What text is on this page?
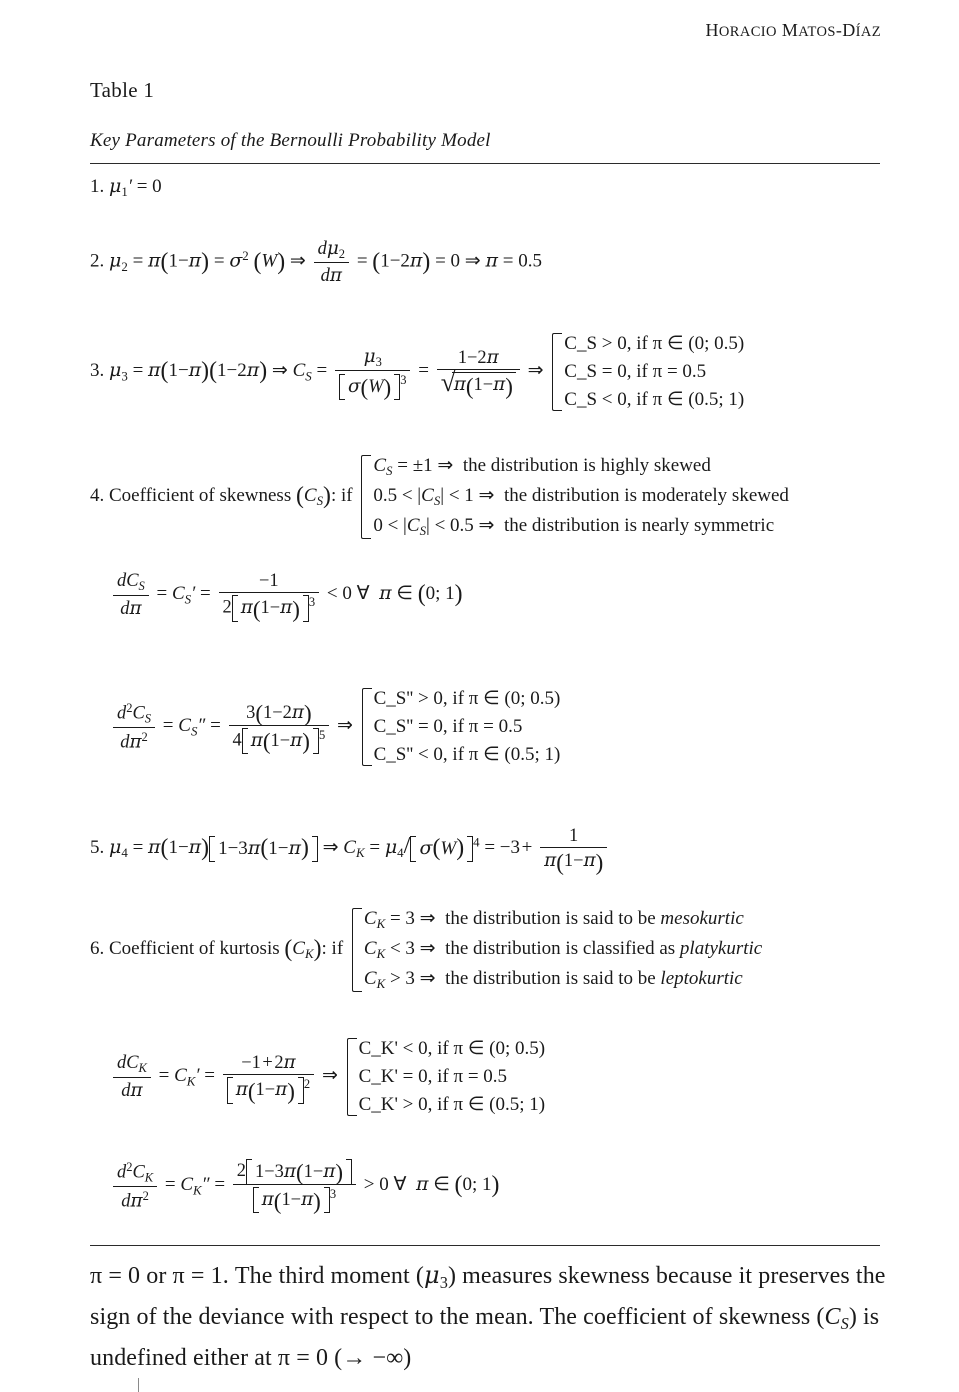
HORACIO MATOS-DÍAZ
Table 1
Key Parameters of the Bernoulli Probability Model
1. $\mu_1' = 0$
2. $\mu_2 = \pi(1-\pi) = \sigma^2$ (W) ⇒ $\frac{d\mu_2}{d\pi} = (1-2\pi) = 0$ ⇒ π = 0.5
3. $\mu_3 = \pi(1-\pi)(1-2\pi)$ ⇒ $C_S = \frac{\mu_3}{\sigma(W) ^3} = 1-2\pi$
√ π(1−π) ⇒
C_S > 0, if π ∈ (0; 0.5)
C_S = 0, if π = 0.5
C_S < 0, if π ∈ (0.5; 1)
4. Coefficient of skewness $(C_S)$: if
$C_S = \pm 1$ ⇒  the distribution is highly skewed
$0.5 < |C_S| < 1$ ⇒  the distribution is moderately skewed
$0 < |C_S| < 0.5$ ⇒  the distribution is nearly symmetric
$\frac{dC_S}{d\pi} = C_S' = \frac{-1}{2 \pi(1-\pi) ^3} < 0$ ∀  π ∈ (0; 1)
$\frac{d^2C_S}{d\pi^2} = C_S'' = \frac{3(1-2\pi)}{4 \pi(1-\pi) ^5}$ ⇒
C_S'' > 0, if π ∈ (0; 0.5)
C_S'' = 0, if π = 0.5
C_S'' < 0, if π ∈ (0.5; 1)
5. $\mu_4 = \pi(1-\pi)$ 1−3π(1−π) ⇒ $C_K = \mu_4/$ σ(W) $^4$ = −3 + $\frac{1}{\pi(1-\pi)}$
6. Coefficient of kurtosis $(C_K)$: if
$C_K = 3$ ⇒  the distribution is said to be mesokurtic
$C_K < 3$ ⇒  the distribution is classified as platykurtic
$C_K > 3$ ⇒  the distribution is said to be leptokurtic
$\frac{dC_K}{d\pi} = C_K' = \frac{-1 + 2\pi}{\pi(1-\pi) ^2}$ ⇒
C_K' < 0, if π ∈ (0; 0.5)
C_K' = 0, if π = 0.5
C_K' > 0, if π ∈ (0.5; 1)
$\frac{d^2C_K}{d\pi^2} = C_K'' = \frac{2 1-3\pi(1-\pi)}{\pi(1-\pi) ^3} > 0$ ∀  π ∈ (0; 1)
π = 0 or π = 1. The third moment $(\mu_3)$ measures skewness because it preserves the sign of the deviance with respect to the mean. The coefficient of skewness $(C_S)$ is undefined either at π = 0 (→ −∞)
